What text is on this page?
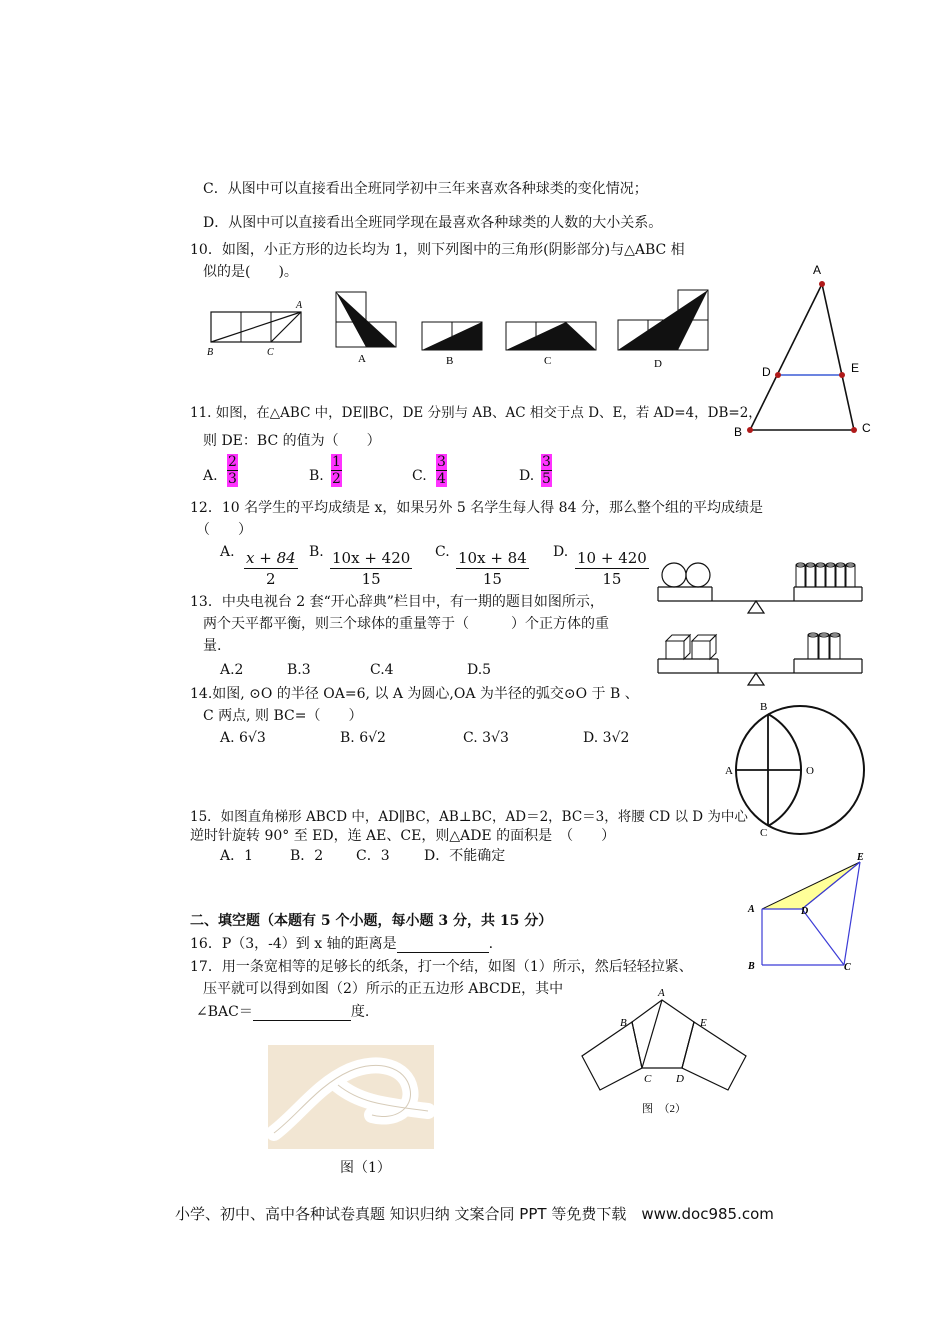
C．从图中可以直接看出全班同学初中三年来喜欢各种球类的变化情况；
D．从图中可以直接看出全班同学现在最喜欢各种球类的人数的大小关系。
10．如图，小正方形的边长均为 1，则下列图中的三角形(阴影部分)与△ABC 相
似的是(　　)。
A
B	C
A	B	C	D
A
D	E
B	C
11. 如图，在△ABC 中，DE∥BC，DE 分别与 AB、AC 相交于点 D、E，若 AD=4，DB=2，
则 DE：BC 的值为（　　）
A. $\frac{2}{3}$	B. $\frac{1}{2}$	C. $\frac{3}{4}$	D. $\frac{3}{5}$
12．10 名学生的平均成绩是 x，如果另外 5 名学生每人得 84 分，那么整个组的平均成绩是
（　　）
A. $\frac{x + 84}{2} B$. $\frac{10x + 420}{15} C$. $\frac{10x + 84}{15} D$. $\frac{10 + 420}{15}$
13．中央电视台 2 套“开心辞典”栏目中，有一期的题目如图所示，
两个天平都平衡，则三个球体的重量等于（　　　）个正方体的重
量.
A.2	B.3	C.4	D.5
14.如图, ⊙O 的半径 OA=6, 以 A 为圆心,OA 为半径的弧交⊙O 于 B 、
C 两点, 则 BC=（　　）
A. 6√3	B. 6√2	C. 3√3	D. 3√2
B
A	O
C
15．如图直角梯形 ABCD 中，AD∥BC，AB⊥BC，AD＝2，BC＝3，将腰 CD 以 D 为中心
逆时针旋转 90° 至 ED，连 AE、CE，则△ADE 的面积是　（　　）
A．1	B．2 C．3 D．不能确定
A	D
E
B	C
二、填空题（本题有 5 个小题，每小题 3 分，共 15 分）
16．P（3，-4）到 x 轴的距离是	.
17．用一条宽相等的足够长的纸条，打一个结，如图（1）所示，然后轻轻拉紧、
压平就可以得到如图（2）所示的正五边形 ABCDE，其中
∠BAC＝	度.
图（1）
A
B	E
C D
图　（2）
小学、初中、高中各种试卷真题 知识归纳 文案合同 PPT 等免费下载　www.doc985.com
